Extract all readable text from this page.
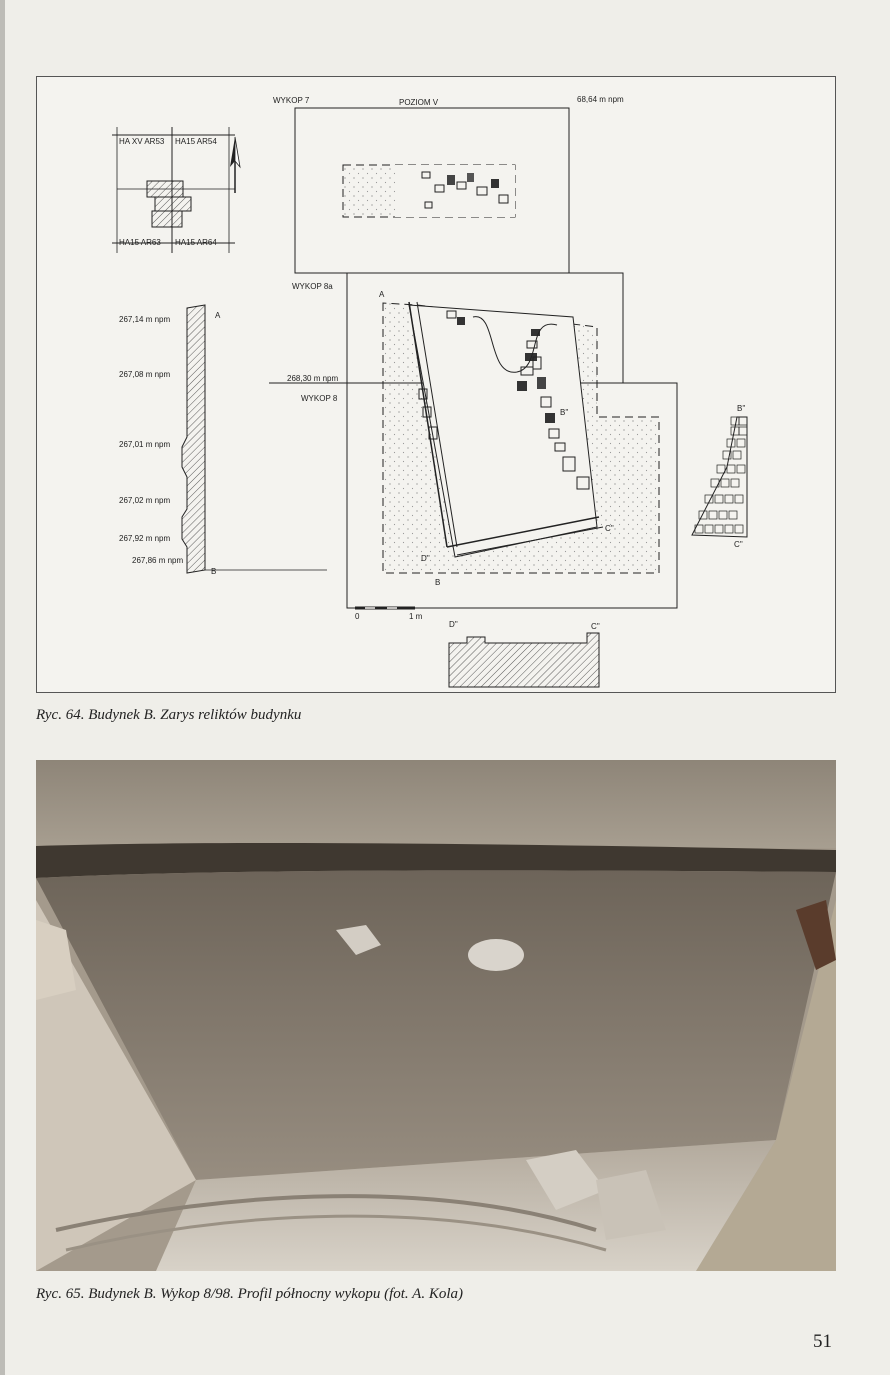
HA XV AR53 HA15 AR54
HA15 AR63 HA15 AR64
267,14 m npm
267,08 m npm
267,01 m npm
267,02 m npm
267,92 m npm
267,86 m npm
A
B
WYKOP 7	POZIOM V	68,64 m npm
WYKOP 8a
268,30 m npm
WYKOP 8
A
B
B''
C''
D''
B''
C''
0	1 m
D''	C''
Ryc. 64. Budynek B. Zarys reliktów budynku
Ryc. 65. Budynek B. Wykop 8/98. Profil północny wykopu (fot. A. Kola)
51
